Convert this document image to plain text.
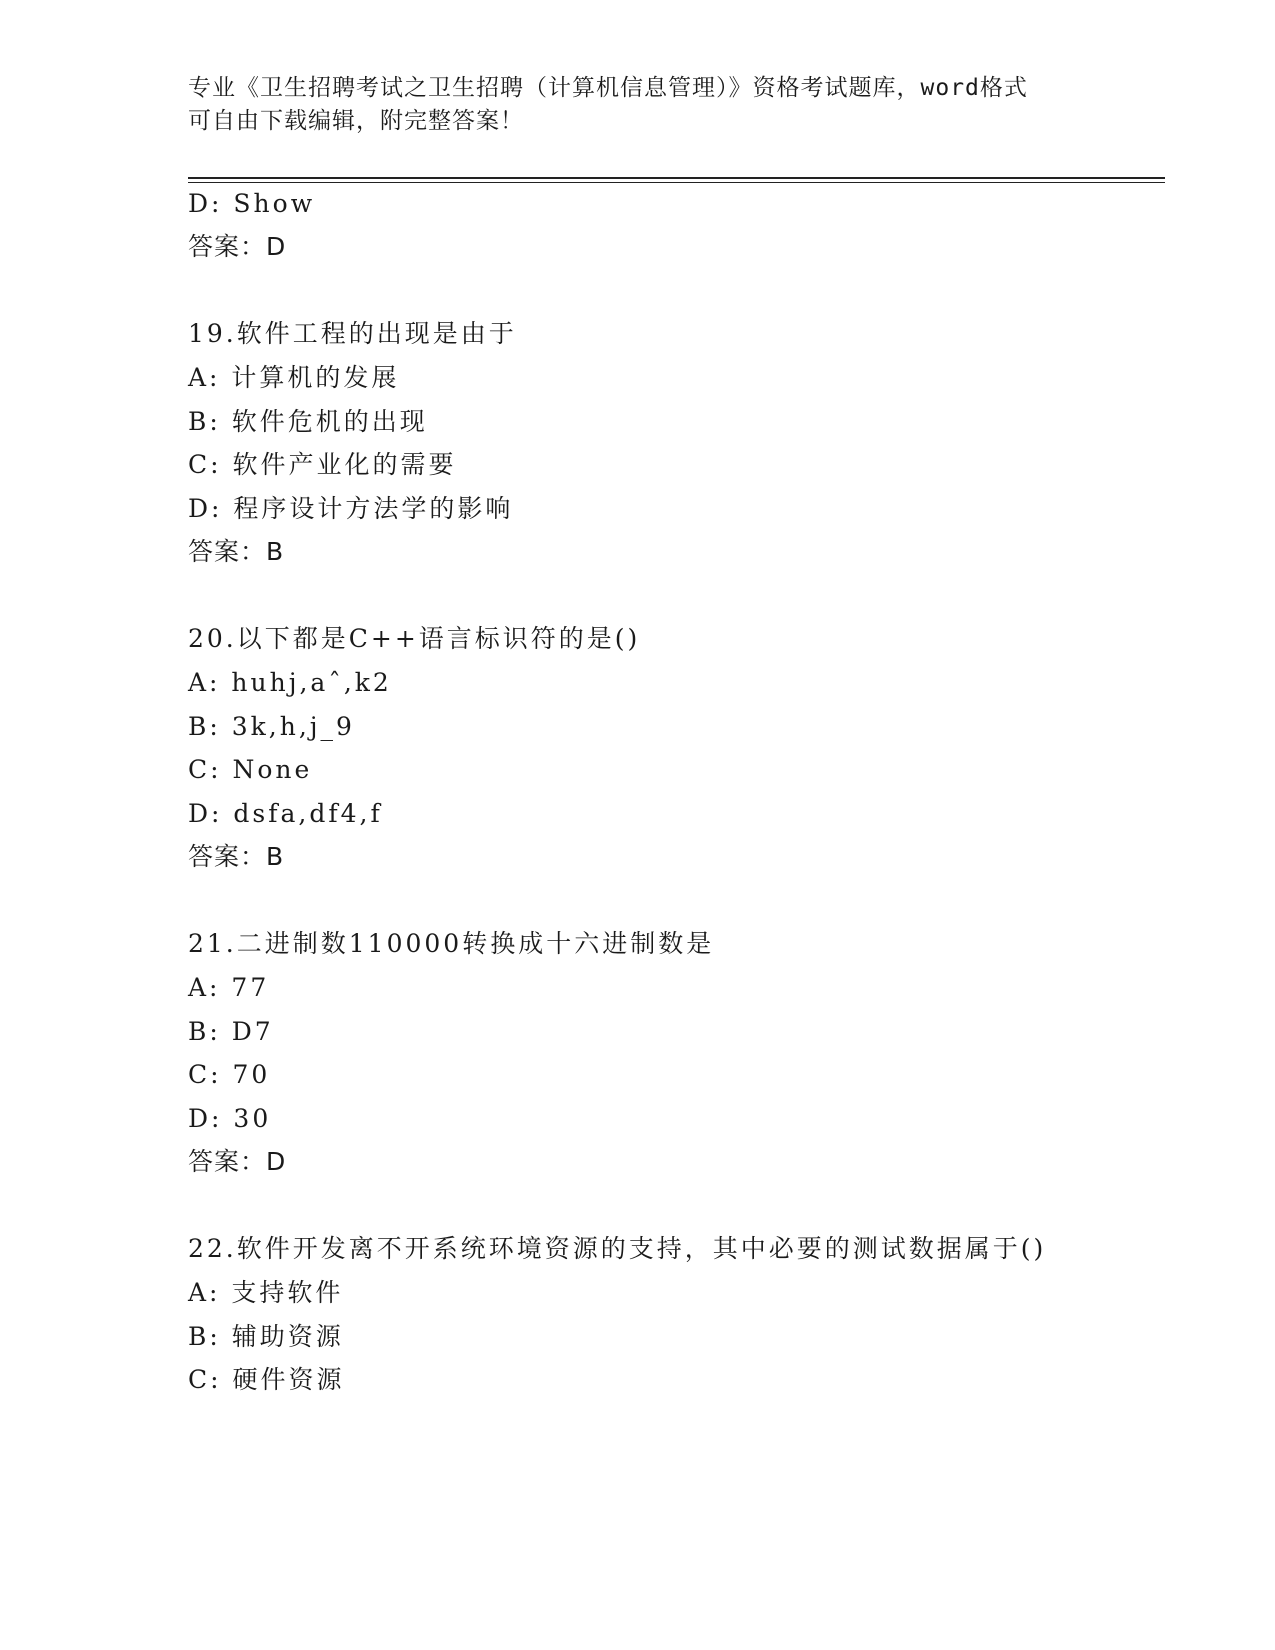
专业《卫生招聘考试之卫生招聘（计算机信息管理）》资格考试题库，word格式
可自由下载编辑，附完整答案！
D: Show
答案：D
19.软件工程的出现是由于
A: 计算机的发展
B: 软件危机的出现
C: 软件产业化的需要
D: 程序设计方法学的影响
答案：B
20.以下都是C++语言标识符的是()
A: huhj,aˆ,k2
B: 3k,h,j_9
C: None
D: dsfa,df4,f
答案：B
21.二进制数110000转换成十六进制数是
A: 77
B: D7
C: 70
D: 30
答案：D
22.软件开发离不开系统环境资源的支持，其中必要的测试数据属于()
A: 支持软件
B: 辅助资源
C: 硬件资源
